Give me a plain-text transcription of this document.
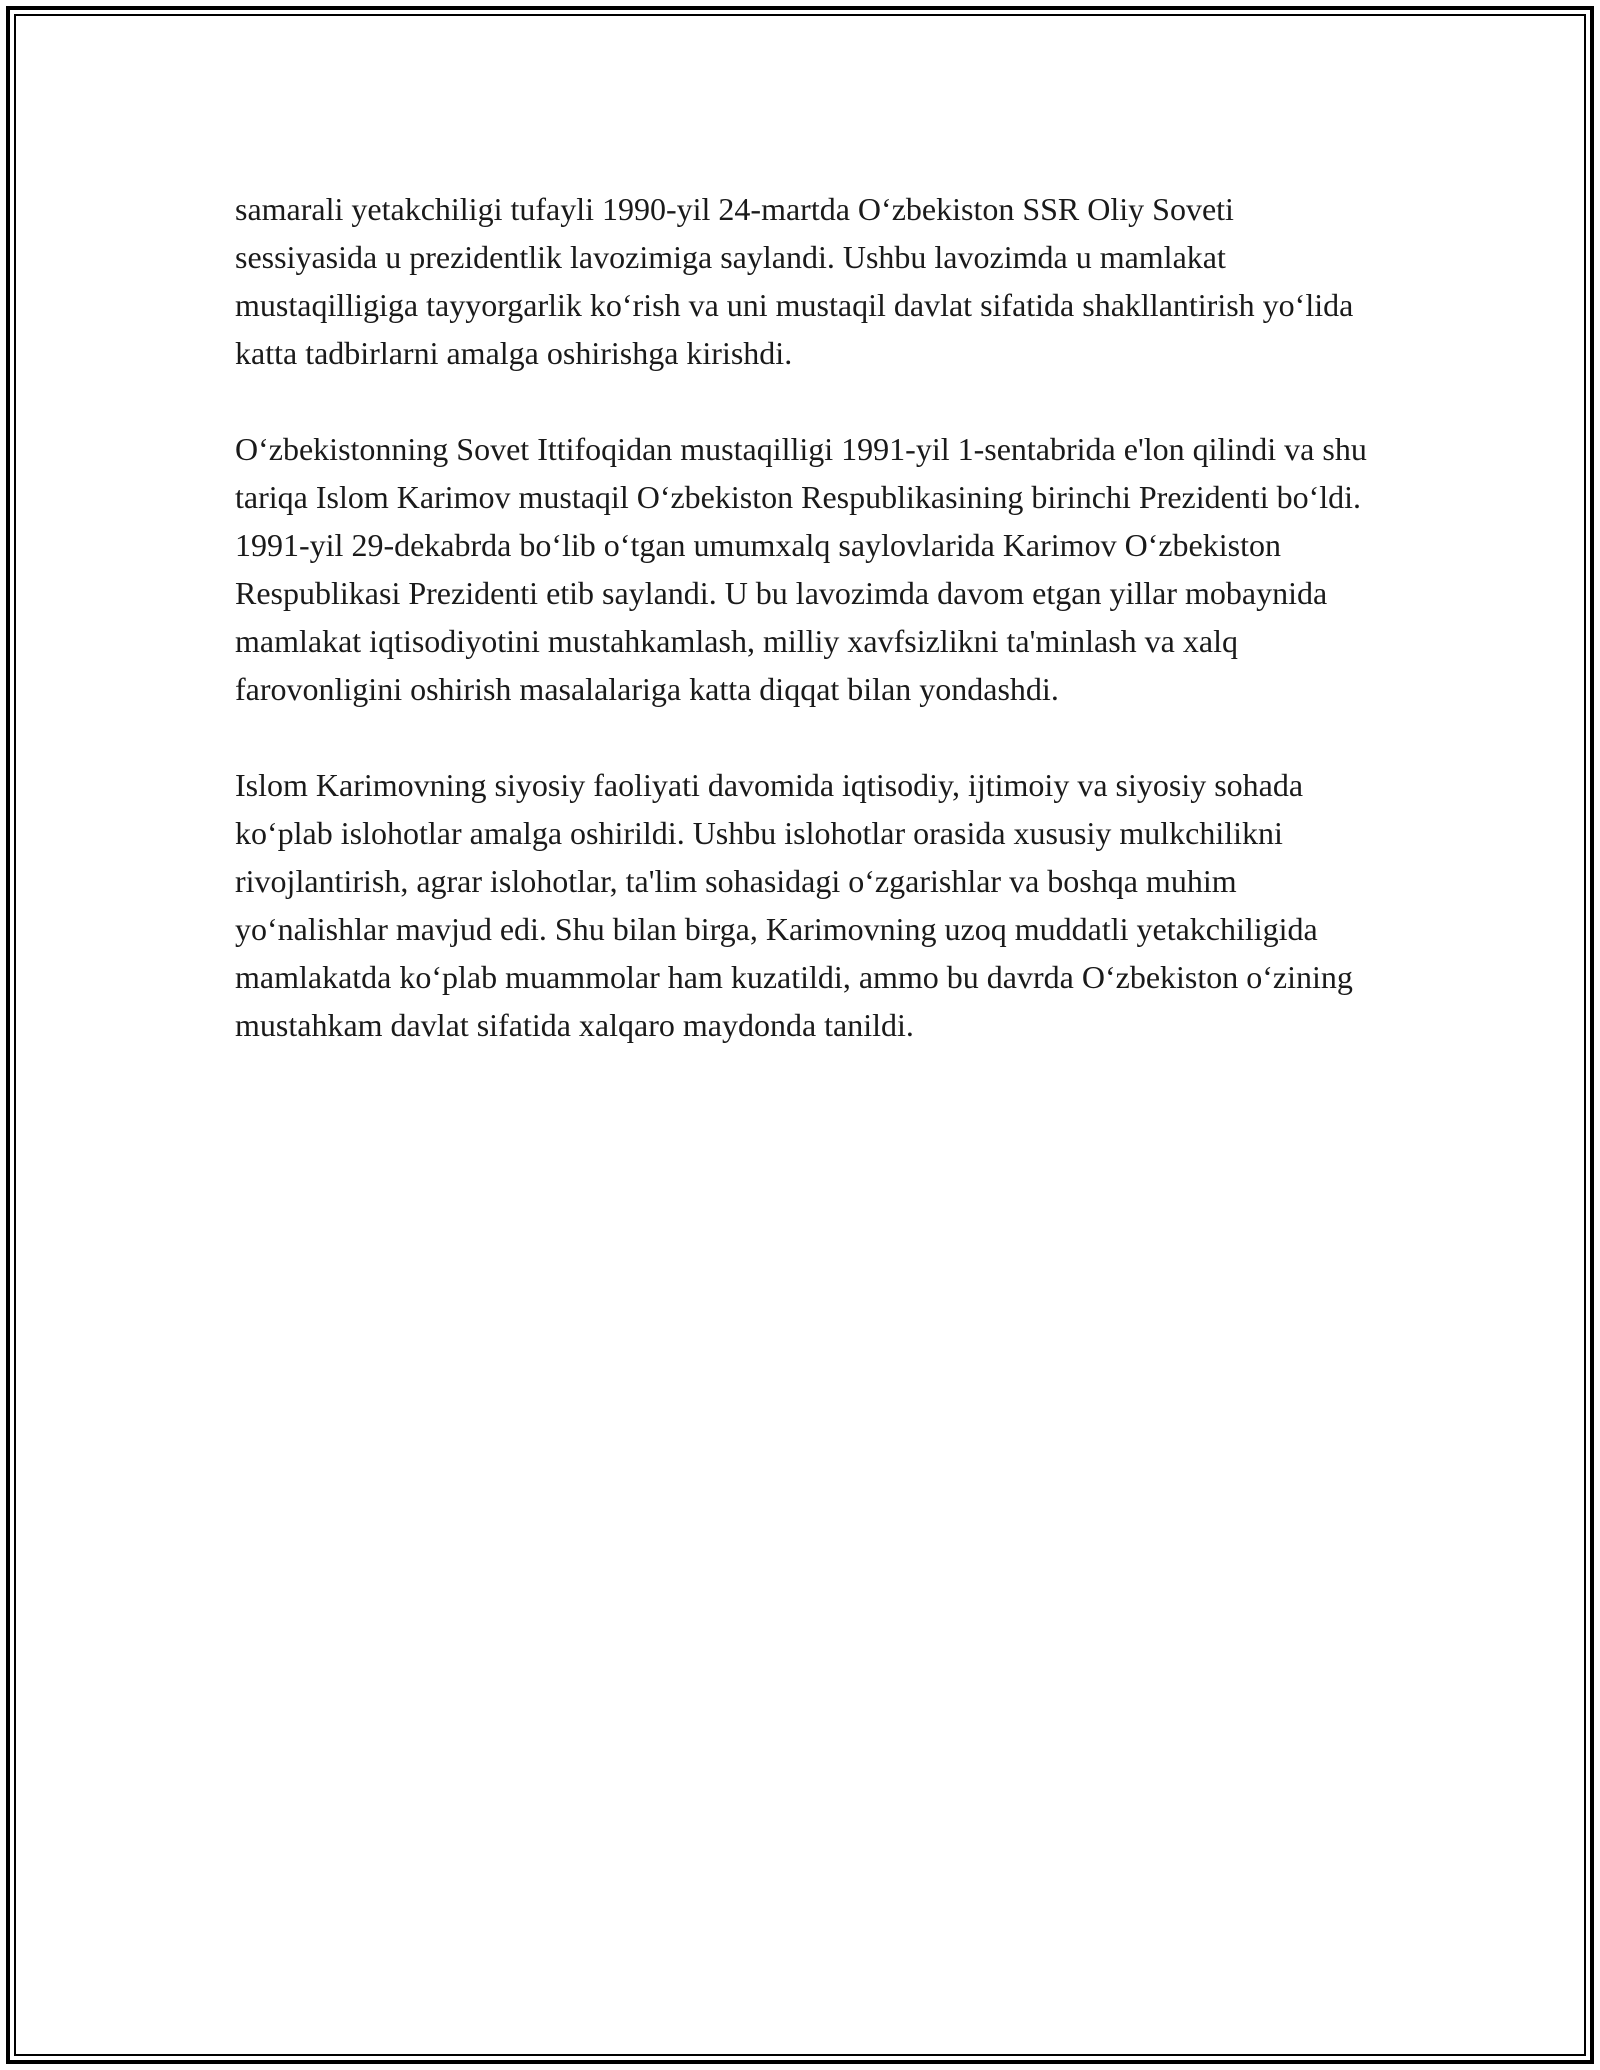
samarali yetakchiligi tufayli 1990-yil 24-martda O‘zbekiston SSR Oliy Soveti sessiyasida u prezidentlik lavozimiga saylandi. Ushbu lavozimda u mamlakat mustaqilligiga tayyorgarlik ko‘rish va uni mustaqil davlat sifatida shakllantirish yo‘lida katta tadbirlarni amalga oshirishga kirishdi.

O‘zbekistonning Sovet Ittifoqidan mustaqilligi 1991-yil 1-sentabrida e'lon qilindi va shu tariqa Islom Karimov mustaqil O‘zbekiston Respublikasining birinchi Prezidenti bo‘ldi. 1991-yil 29-dekabrda bo‘lib o‘tgan umumxalq saylovlarida Karimov O‘zbekiston Respublikasi Prezidenti etib saylandi. U bu lavozimda davom etgan yillar mobaynida mamlakat iqtisodiyotini mustahkamlash, milliy xavfsizlikni ta'minlash va xalq farovonligini oshirish masalalariga katta diqqat bilan yondashdi.

Islom Karimovning siyosiy faoliyati davomida iqtisodiy, ijtimoiy va siyosiy sohada ko‘plab islohotlar amalga oshirildi. Ushbu islohotlar orasida xususiy mulkchilikni rivojlantirish, agrar islohotlar, ta'lim sohasidagi o‘zgarishlar va boshqa muhim yo‘nalishlar mavjud edi. Shu bilan birga, Karimovning uzoq muddatli yetakchiligida mamlakatda ko‘plab muammolar ham kuzatildi, ammo bu davrda O‘zbekiston o‘zining mustahkam davlat sifatida xalqaro maydonda tanildi.
